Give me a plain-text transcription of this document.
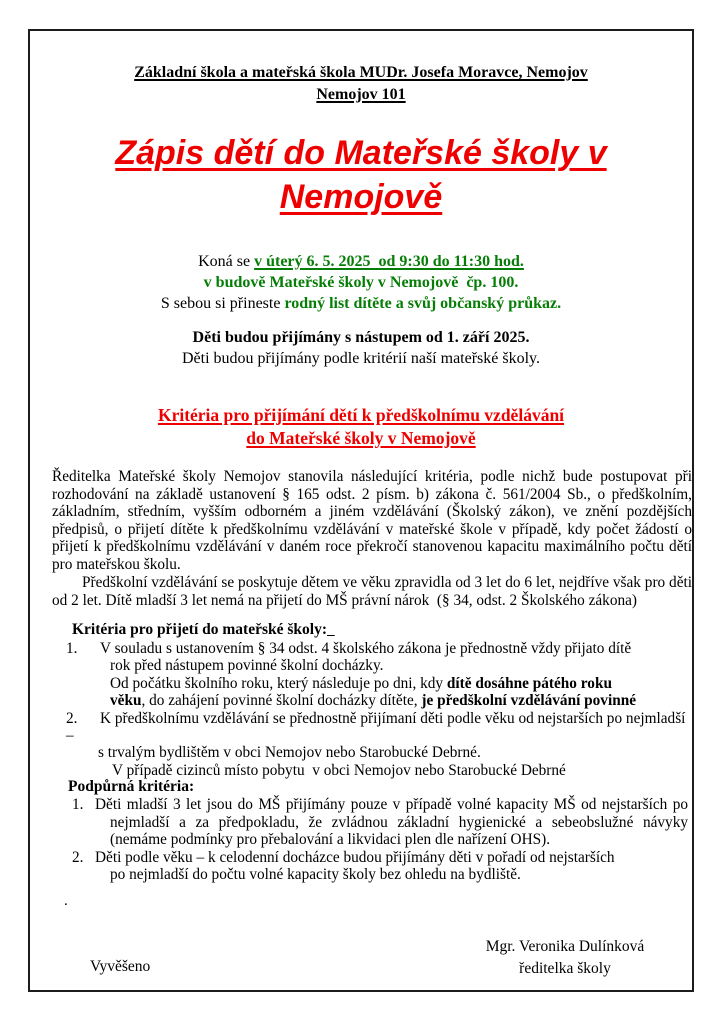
Základní škola a mateřská škola MUDr. Josefa Moravce, Nemojov
Nemojov 101
Zápis dětí do Mateřské školy v
Nemojově
Koná se v úterý 6. 5. 2025  od 9:30 do 11:30 hod.
v budově Mateřské školy v Nemojově  čp. 100.
S sebou si přineste rodný list dítěte a svůj občanský průkaz.
Děti budou přijímány s nástupem od 1. září 2025.
Děti budou přijímány podle kritérií naší mateřské školy.
Kritéria pro přijímání dětí k předškolnímu vzdělávání
do Mateřské školy v Nemojově
Ředitelka Mateřské školy Nemojov stanovila následující kritéria, podle nichž bude postupovat při rozhodování na základě ustanovení § 165 odst. 2 písm. b) zákona č. 561/2004 Sb., o předškolním, základním, středním, vyšším odborném a jiném vzdělávání (Školský zákon), ve znění pozdějších předpisů, o přijetí dítěte k předškolnímu vzdělávání v mateřské škole v případě, kdy počet žádostí o přijetí k předškolnímu vzdělávání v daném roce překročí stanovenou kapacitu maximálního počtu dětí pro mateřskou školu.
Předškolní vzdělávání se poskytuje dětem ve věku zpravidla od 3 let do 6 let, nejdříve však pro děti od 2 let. Dítě mladší 3 let nemá na přijetí do MŠ právní nárok  (§ 34, odst. 2 Školského zákona)
Kritéria pro přijetí do mateřské školy:
1. V souladu s ustanovením § 34 odst. 4 školského zákona je přednostně vždy přijato dítě
rok před nástupem povinné školní docházky.
Od počátku školního roku, který následuje po dni, kdy dítě dosáhne pátého roku
věku, do zahájení povinné školní docházky dítěte, je předškolní vzdělávání povinné
2. K předškolnímu vzdělávání se přednostně přijímaní děti podle věku od nejstarších po nejmladší –
s trvalým bydlištěm v obci Nemojov nebo Starobucké Debrné.
V případě cizinců místo pobytu  v obci Nemojov nebo Starobucké Debrné
Podpůrná kritéria:
1. Děti mladší 3 let jsou do MŠ přijímány pouze v případě volné kapacity MŠ od nejstarších po nejmladší a za předpokladu, že zvládnou základní hygienické a sebeobslužné návyky (nemáme podmínky pro přebalování a likvidaci plen dle nařízení OHS).
2. Děti podle věku – k celodenní docházce budou přijímány děti v pořadí od nejstarších
po nejmladší do počtu volné kapacity školy bez ohledu na bydliště.
.
Vyvěšeno
Mgr. Veronika Dulínková
ředitelka školy
